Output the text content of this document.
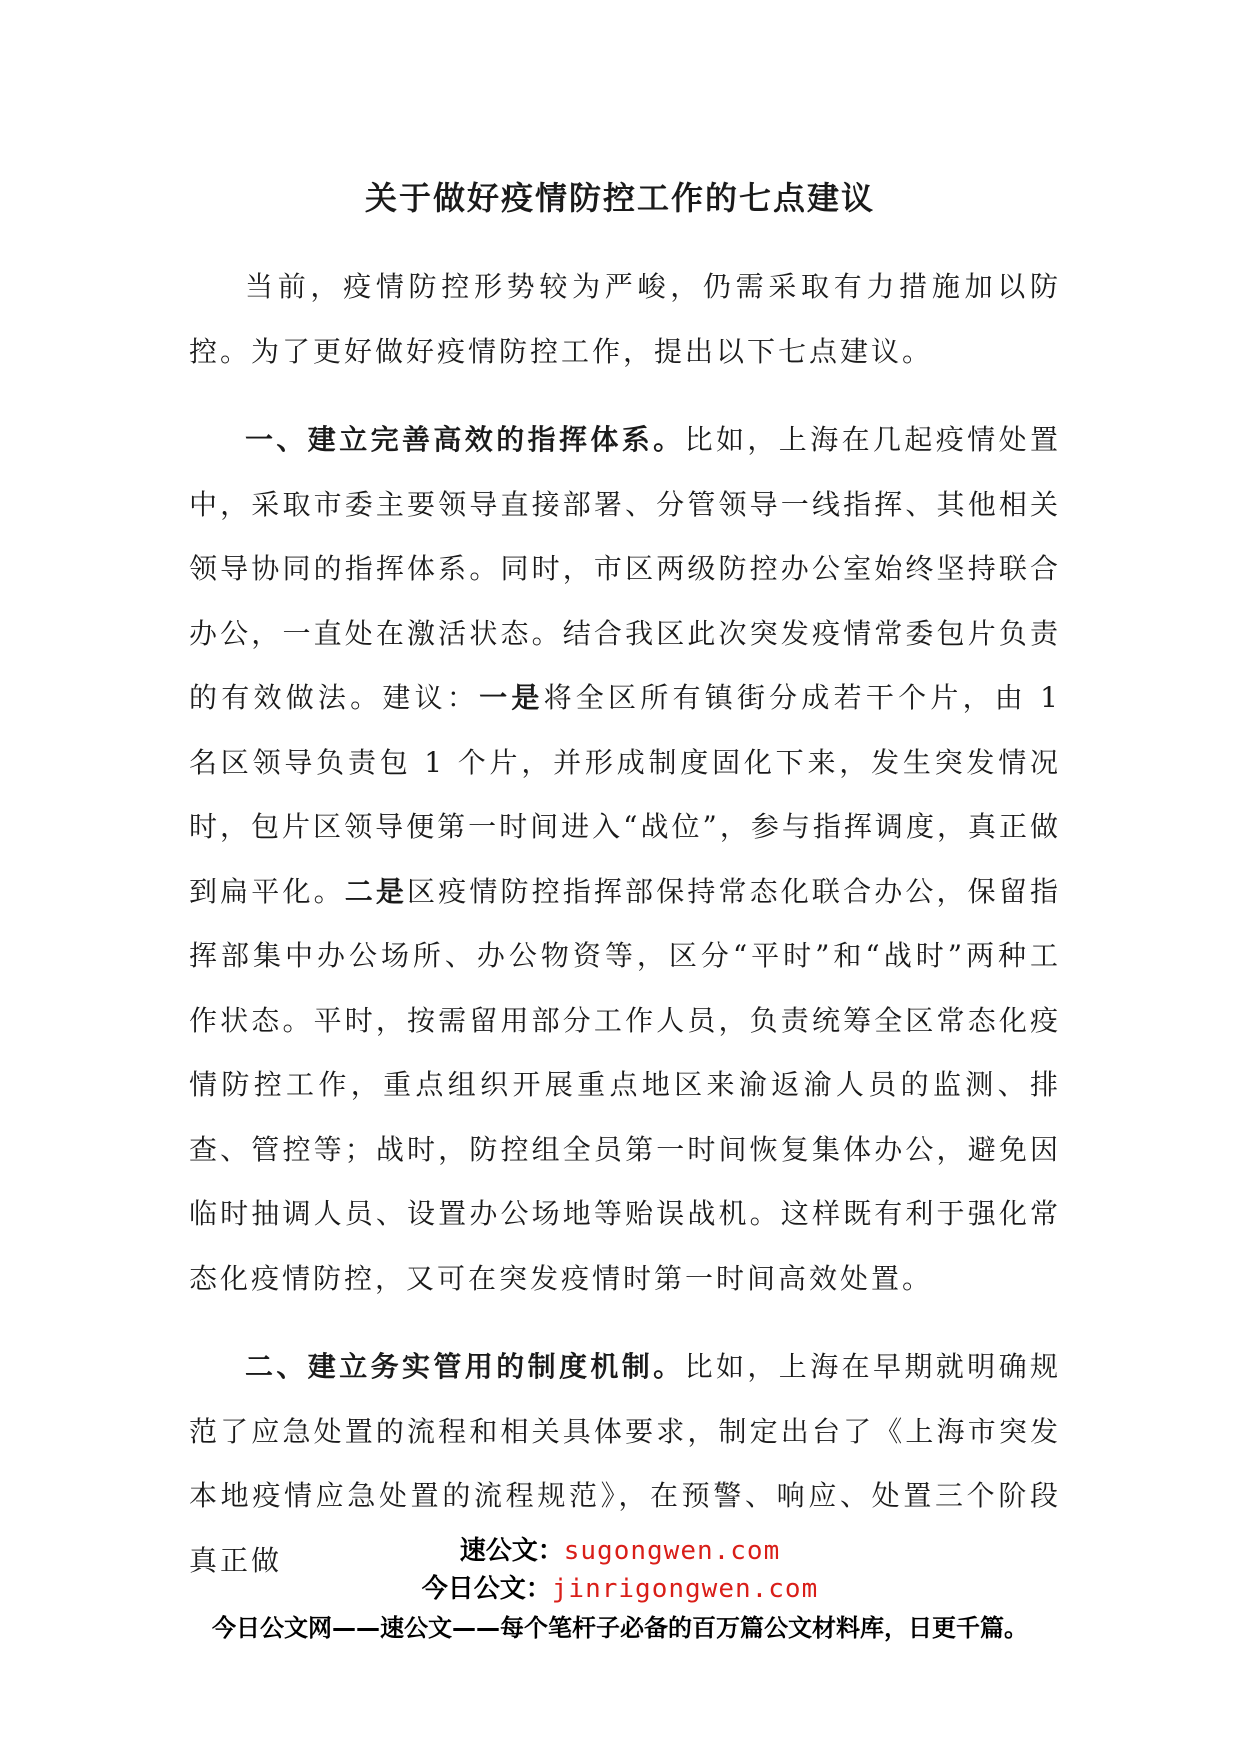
关于做好疫情防控工作的七点建议

当前，疫情防控形势较为严峻，仍需采取有力措施加以防控。为了更好做好疫情防控工作，提出以下七点建议。

一、建立完善高效的指挥体系。比如，上海在几起疫情处置中，采取市委主要领导直接部署、分管领导一线指挥、其他相关领导协同的指挥体系。同时，市区两级防控办公室始终坚持联合办公，一直处在激活状态。结合我区此次突发疫情常委包片负责的有效做法。建议：一是将全区所有镇街分成若干个片，由 1 名区领导负责包 1 个片，并形成制度固化下来，发生突发情况时，包片区领导便第一时间进入“战位”，参与指挥调度，真正做到扁平化。二是区疫情防控指挥部保持常态化联合办公，保留指挥部集中办公场所、办公物资等，区分“平时”和“战时”两种工作状态。平时，按需留用部分工作人员，负责统筹全区常态化疫情防控工作，重点组织开展重点地区来渝返渝人员的监测、排查、管控等；战时，防控组全员第一时间恢复集体办公，避免因临时抽调人员、设置办公场地等贻误战机。这样既有利于强化常态化疫情防控，又可在突发疫情时第一时间高效处置。

二、建立务实管用的制度机制。比如，上海在早期就明确规范了应急处置的流程和相关具体要求，制定出台了《上海市突发本地疫情应急处置的流程规范》，在预警、响应、处置三个阶段真正做	速公文：sugongwen.com

今日公文：jinrigongwen.com

今日公文网——速公文——每个笔杆子必备的百万篇公文材料库，日更千篇。
